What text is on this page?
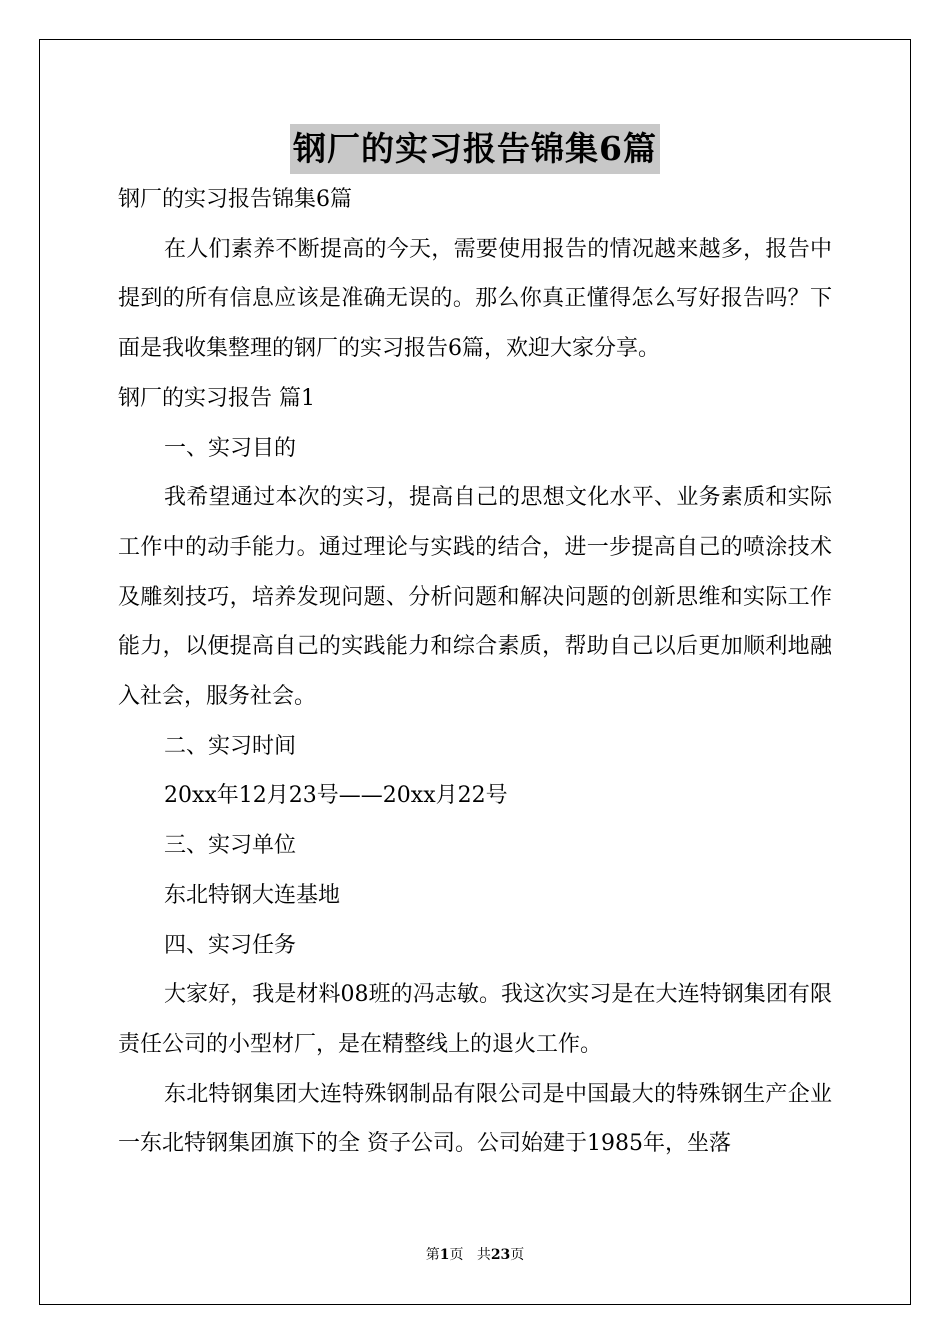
钢厂的实习报告锦集6篇

钢厂的实习报告锦集6篇

在人们素养不断提高的今天，需要使用报告的情况越来越多，报告中提到的所有信息应该是准确无误的。那么你真正懂得怎么写好报告吗？下面是我收集整理的钢厂的实习报告6篇，欢迎大家分享。

钢厂的实习报告 篇1

一、实习目的

我希望通过本次的实习，提高自己的思想文化水平、业务素质和实际工作中的动手能力。通过理论与实践的结合，进一步提高自己的喷涂技术及雕刻技巧，培养发现问题、分析问题和解决问题的创新思维和实际工作能力，以便提高自己的实践能力和综合素质，帮助自己以后更加顺利地融入社会，服务社会。

二、实习时间

20xx年12月23号——20xx月22号

三、实习单位

东北特钢大连基地

四、实习任务

大家好，我是材料08班的冯志敏。我这次实习是在大连特钢集团有限责任公司的小型材厂，是在精整线上的退火工作。

东北特钢集团大连特殊钢制品有限公司是中国最大的特殊钢生产企业一东北特钢集团旗下的全 资子公司。公司始建于1985年，坐落

第1页 共23页
